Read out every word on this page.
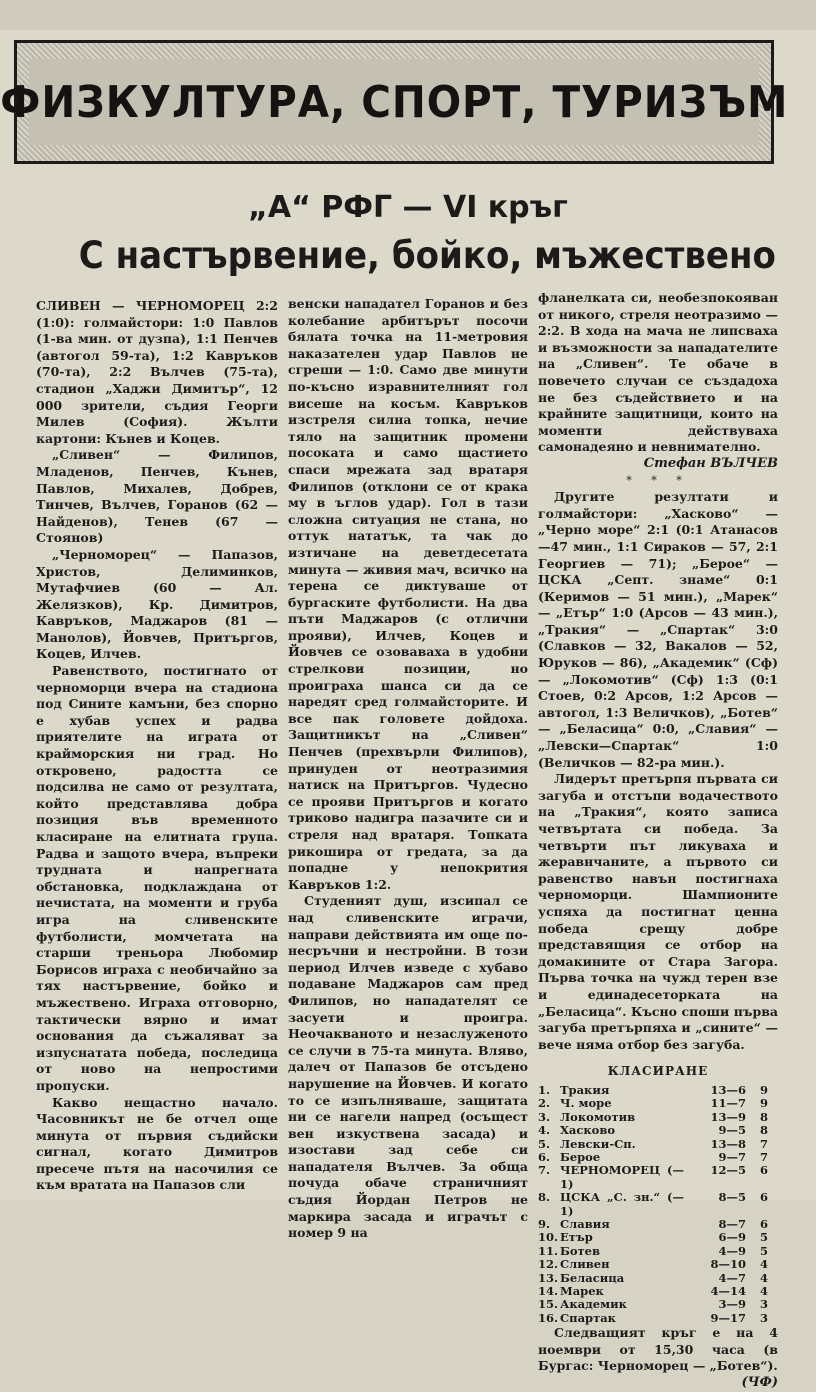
ФИЗКУЛТУРА, СПОРТ, ТУРИЗЪМ
„А“ РФГ — VI кръг
С настървение, бойко, мъжествено

СЛИВЕН — ЧЕРНОМОРЕЦ 2:2 (1:0): голмайстори: 1:0 Павлов (1-ва мин. от дузпа), 1:1 Пенчев (автогол 59-та), 1:2 Кавръков (70-та), 2:2 Вълчев (75-та), стадион „Хаджи Димитър“, 12 000 зрители, съдия Георги Милев (София). Жълти картони: Кънев и Коцев.

„Сливен“ — Филипов, Младенов, Пенчев, Кънев, Павлов, Михалев, Добрев, Тинчев, Вълчев, Горанов (62 — Найденов), Тенев (67 — Стоянов)

„Черноморец“ — Папазов, Христов, Делиминков, Мутафчиев (60 — Ал. Желязков), Кр. Димитров, Кавръков, Маджаров (81 —Манолов), Йовчев, Притъргов, Коцев, Илчев.

Равенството, постигнато от черноморци вчера на стадиона под Сините камъни, без спорно е хубав успех и радва приятелите на играта от крайморския ни град. Но откровено, радостта се подсилва не само от резултата, който представлява добра позиция във временното класиране на елитната група. Радва и защото вчера, въпреки трудната и напрегната обстановка, подклаждана от нечистата, на моменти и груба игра на сливенските футболисти, момчетата на старши треньора Любомир Борисов играха с необичайно за тях настървение, бойко и мъжествено. Играха отговорно, тактически вярно и имат основания да съжаляват за изпуснатата победа, последица от ново на непростими пропуски.

Какво нещастно начало. Часовникът не бе отчел още минута от първия съдийски сигнал, когато Димитров пресече пътя на насочилия се към вратата на Папазов сли

венски нападател Горанов и без колебание арбитърът посочи бялата точка на 11-метровия наказателен удар Павлов не сгреши — 1:0. Само две минути по-късно изравнителният гол висеше на косъм. Кавръков изстреля силна топка, нечие тяло на защитник промени посоката и само щастието спаси мрежата зад вратаря Филипов (отклони се от крака му в ъглов удар). Гол в тази сложна ситуация не стана, но оттук нататък, та чак до изтичане на деветдесетата минута — живия мач, всичко на терена се диктуваше от бургаските футболисти. На два пъти Маджаров (с отлични прояви), Илчев, Коцев и Йовчев се озоваваха в удобни стрелкови позиции, но проиграха шанса си да се наредят сред голмайсторите. И все пак головете дойдоха. Защитникът на „Сливен“ Пенчев (прехвърли Филипов), принуден от неотразимия натиск на Притъргов. Чудесно се прояви Притъргов и когато триково надигра пазачите си и стреля над вратаря. Топката рикошира от гредата, за да попадне у непокрития Кавръков 1:2.

Студеният душ, изсипал се над сливенските играчи, направи действията им още по-несръчни и нестройни. В този период Илчев изведе с хубаво подаване Маджаров сам пред Филипов, но нападателят се засуети и проигра. Неочакваното и незаслуженото се случи в 75-та минута. Вляво, далеч от Папазов бе отсъдено нарушение на Йовчев. И когато то се изпълняваше, защитата ни се нагели напред (осъщест вен изкуствена засада) и изостави зад себе си нападателя Вълчев. За обща почуда обаче страничният съдия Йордан Петров не маркира засада и играчът с номер 9 на

фланелката си, необезпокояван от никого, стреля неотразимо — 2:2. В хода на мача не липсваха и възможности за нападателите на „Сливен“. Те обаче в повечето случаи се създадоха не без съдействието и на крайните защитници, които на моменти действуваха самонадеяно и невнимателно.

Стефан ВЪЛЧЕВ

* * *

Другите резултати и голмайстори: „Хасково“ — „Черно море“ 2:1 (0:1 Атанасов—47 мин., 1:1 Сираков — 57, 2:1 Георгиев — 71); „Берое“ — ЦСКА „Септ. знаме“ 0:1 (Керимов — 51 мин.), „Марек“ — „Етър“ 1:0 (Арсов — 43 мин.), „Тракия“ — „Спартак“ 3:0 (Славков — 32, Вакалов — 52, Юруков — 86), „Академик“ (Сф) — „Локомотив“ (Сф) 1:3 (0:1 Стоев, 0:2 Арсов, 1:2 Арсов — автогол, 1:3 Величков), „Ботев“ — „Беласица“ 0:0, „Славия“ — „Левски—Спартак“ 1:0 (Величков — 82-ра мин.).

Лидерът претърпя първата си загуба и отстъпи водачеството на „Тракия“, която записа четвъртата си победа. За четвърти път ликуваха и жеравнчаните, а първото си равенство навън постигнаха черноморци. Шампионите успяха да постигнат ценна победа срещу добре представящия се отбор на домакините от Стара Загора. Първа точка на чужд терен взе и единадесеторката на „Беласица“. Късно споши първа загуба претърпяха и „сините“ — вече няма отбор без загуба.

КЛАСИРАНЕ
1.	Тракия	13—6	9
2.	Ч. море	11—7	9
3.	Локомотив	13—9	8
4.	Хасково	9—5	8
5.	Левски-Сп.	13—8	7
6.	Берое	9—7	7
7.	ЧЕРНОМОРЕЦ (—1)	12—5	6
8.	ЦСКА „С. зн.“ (—1)	8—5	6
9.	Славия	8—7	6
10.	Етър	6—9	5
11.	Ботев	4—9	5
12.	Сливен	8—10	4
13.	Беласица	4—7	4
14.	Марек	4—14	4
15.	Академик	3—9	3
16.	Спартак	9—17	3

Следващият кръг е на 4 ноември от 15,30 часа (в Бургас: Черноморец — „Ботев“).

(ЧФ)
